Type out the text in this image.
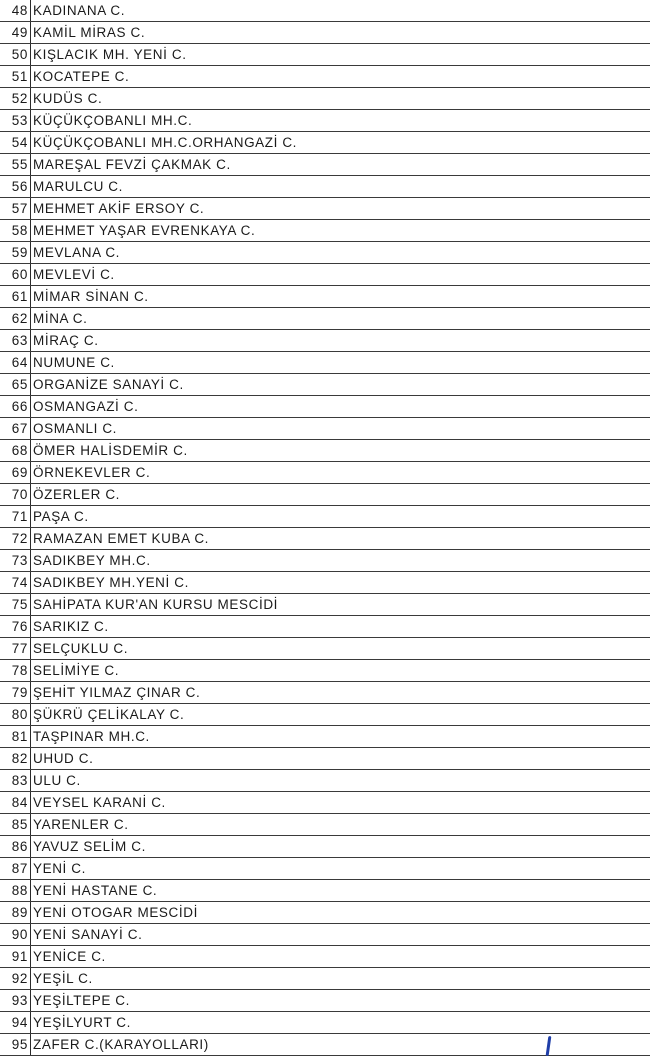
48	KADINANA C.
49	KAMİL MİRAS C.
50	KIŞLACIK MH. YENİ C.
51	KOCATEPE C.
52	KUDÜS C.
53	KÜÇÜKÇOBANLI MH.C.
54	KÜÇÜKÇOBANLI MH.C.ORHANGAZİ C.
55	MAREŞAL FEVZİ ÇAKMAK C.
56	MARULCU C.
57	MEHMET AKİF ERSOY C.
58	MEHMET YAŞAR EVRENKAYA C.
59	MEVLANA C.
60	MEVLEVİ C.
61	MİMAR SİNAN C.
62	MİNA C.
63	MİRAÇ C.
64	NUMUNE C.
65	ORGANİZE SANAYİ C.
66	OSMANGAZİ C.
67	OSMANLI C.
68	ÖMER HALİSDEMİR C.
69	ÖRNEKEVLER C.
70	ÖZERLER C.
71	PAŞA C.
72	RAMAZAN EMET KUBA C.
73	SADIKBEY MH.C.
74	SADIKBEY MH.YENİ C.
75	SAHİPATA KUR'AN KURSU MESCİDİ
76	SARIKIZ C.
77	SELÇUKLU C.
78	SELİMİYE C.
79	ŞEHİT YILMAZ ÇINAR C.
80	ŞÜKRÜ ÇELİKALAY C.
81	TAŞPINAR MH.C.
82	UHUD C.
83	ULU C.
84	VEYSEL KARANİ C.
85	YARENLER C.
86	YAVUZ SELİM C.
87	YENİ C.
88	YENİ HASTANE C.
89	YENİ OTOGAR MESCİDİ
90	YENİ SANAYİ C.
91	YENİCE C.
92	YEŞİL C.
93	YEŞİLTEPE C.
94	YEŞİLYURT C.
95	ZAFER C.(KARAYOLLARI)
